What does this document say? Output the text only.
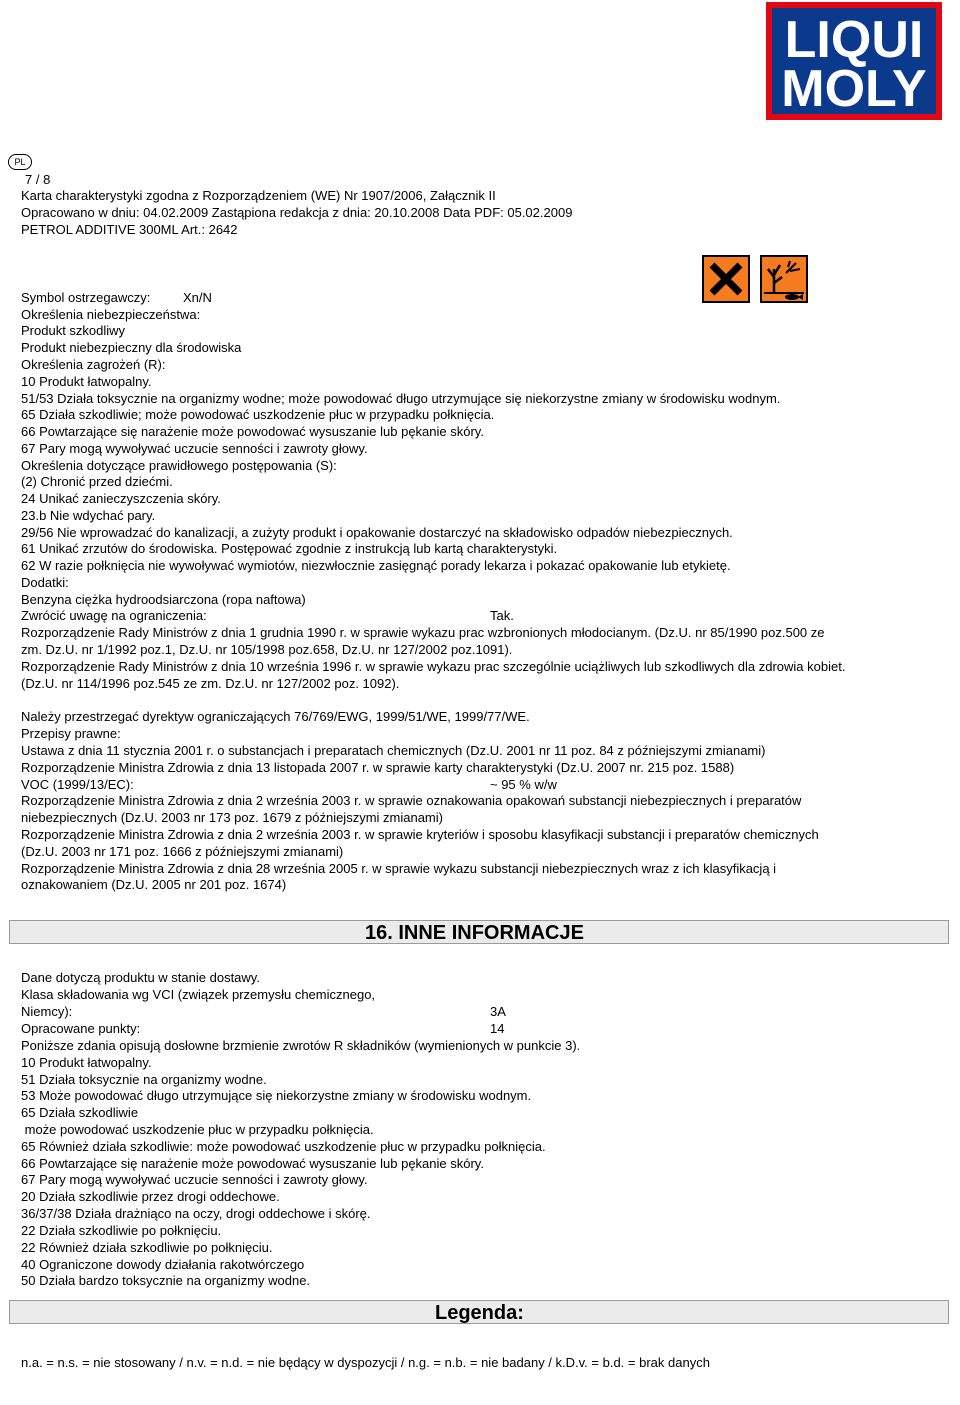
LIQUI
MOLY
PL
7 / 8
Karta charakterystyki zgodna z Rozporządzeniem (WE) Nr 1907/2006, Załącznik II
Opracowano w dniu: 04.02.2009 Zastąpiona redakcja z dnia: 20.10.2008 Data PDF: 05.02.2009
PETROL ADDITIVE 300ML Art.: 2642
Symbol ostrzegawczy:	Xn/N
Określenia niebezpieczeństwa:
Produkt szkodliwy
Produkt niebezpieczny dla środowiska
Określenia zagrożeń (R):
10 Produkt łatwopalny.
51/53 Działa toksycznie na organizmy wodne; może powodować długo utrzymujące się niekorzystne zmiany w środowisku wodnym.
65 Działa szkodliwie; może powodować uszkodzenie płuc w przypadku połknięcia.
66 Powtarzające się narażenie może powodować wysuszanie lub pękanie skóry.
67 Pary mogą wywoływać uczucie senności i zawroty głowy.
Określenia dotyczące prawidłowego postępowania (S):
(2) Chronić przed dziećmi.
24 Unikać zanieczyszczenia skóry.
23.b Nie wdychać pary.
29/56 Nie wprowadzać do kanalizacji, a zużyty produkt i opakowanie dostarczyć na składowisko odpadów niebezpiecznych.
61 Unikać zrzutów do środowiska. Postępować zgodnie z instrukcją lub kartą charakterystyki.
62 W razie połknięcia nie wywoływać wymiotów, niezwłocznie zasięgnąć porady lekarza i pokazać opakowanie lub etykietę.
Dodatki:
Benzyna ciężka hydroodsiarczona (ropa naftowa)
Zwrócić uwagę na ograniczenia:	Tak.
Rozporządzenie Rady Ministrów z dnia 1 grudnia 1990 r. w sprawie wykazu prac wzbronionych młodocianym. (Dz.U. nr 85/1990 poz.500 ze
zm. Dz.U. nr 1/1992 poz.1, Dz.U. nr 105/1998 poz.658, Dz.U. nr 127/2002 poz.1091).
Rozporządzenie Rady Ministrów z dnia 10 września 1996 r. w sprawie wykazu prac szczególnie uciążliwych lub szkodliwych dla zdrowia kobiet.
(Dz.U. nr 114/1996 poz.545 ze zm. Dz.U. nr 127/2002 poz. 1092).
Należy przestrzegać dyrektyw ograniczających 76/769/EWG, 1999/51/WE, 1999/77/WE.
Przepisy prawne:
Ustawa z dnia 11 stycznia 2001 r. o substancjach i preparatach chemicznych (Dz.U. 2001 nr 11 poz. 84 z późniejszymi zmianami)
Rozporządzenie Ministra Zdrowia z dnia 13 listopada 2007 r. w sprawie karty charakterystyki (Dz.U. 2007 nr. 215 poz. 1588)
VOC (1999/13/EC):	~ 95 % w/w
Rozporządzenie Ministra Zdrowia z dnia 2 września 2003 r. w sprawie oznakowania opakowań substancji niebezpiecznych i preparatów
niebezpiecznych (Dz.U. 2003 nr 173 poz. 1679 z późniejszymi zmianami)
Rozporządzenie Ministra Zdrowia z dnia 2 września 2003 r. w sprawie kryteriów i sposobu klasyfikacji substancji i preparatów chemicznych
(Dz.U. 2003 nr 171 poz. 1666 z późniejszymi zmianami)
Rozporządzenie Ministra Zdrowia z dnia 28 września 2005 r. w sprawie wykazu substancji niebezpiecznych wraz z ich klasyfikacją i
oznakowaniem (Dz.U. 2005 nr 201 poz. 1674)
16. INNE INFORMACJE
Dane dotyczą produktu w stanie dostawy.
Klasa składowania wg VCI (związek przemysłu chemicznego,
Niemcy):	3A
Opracowane punkty:	14
Poniższe zdania opisują dosłowne brzmienie zwrotów R składników (wymienionych w punkcie 3).
10 Produkt łatwopalny.
51 Działa toksycznie na organizmy wodne.
53 Może powodować długo utrzymujące się niekorzystne zmiany w środowisku wodnym.
65 Działa szkodliwie
może powodować uszkodzenie płuc w przypadku połknięcia.
65 Również działa szkodliwie: może powodować uszkodzenie płuc w przypadku połknięcia.
66 Powtarzające się narażenie może powodować wysuszanie lub pękanie skóry.
67 Pary mogą wywoływać uczucie senności i zawroty głowy.
20 Działa szkodliwie przez drogi oddechowe.
36/37/38 Działa drażniąco na oczy, drogi oddechowe i skórę.
22 Działa szkodliwie po połknięciu.
22 Również działa szkodliwie po połknięciu.
40 Ograniczone dowody działania rakotwórczego
50 Działa bardzo toksycznie na organizmy wodne.
Legenda:
n.a. = n.s. = nie stosowany / n.v. = n.d. = nie będący w dyspozycji / n.g. = n.b. = nie badany / k.D.v. = b.d. = brak danych
